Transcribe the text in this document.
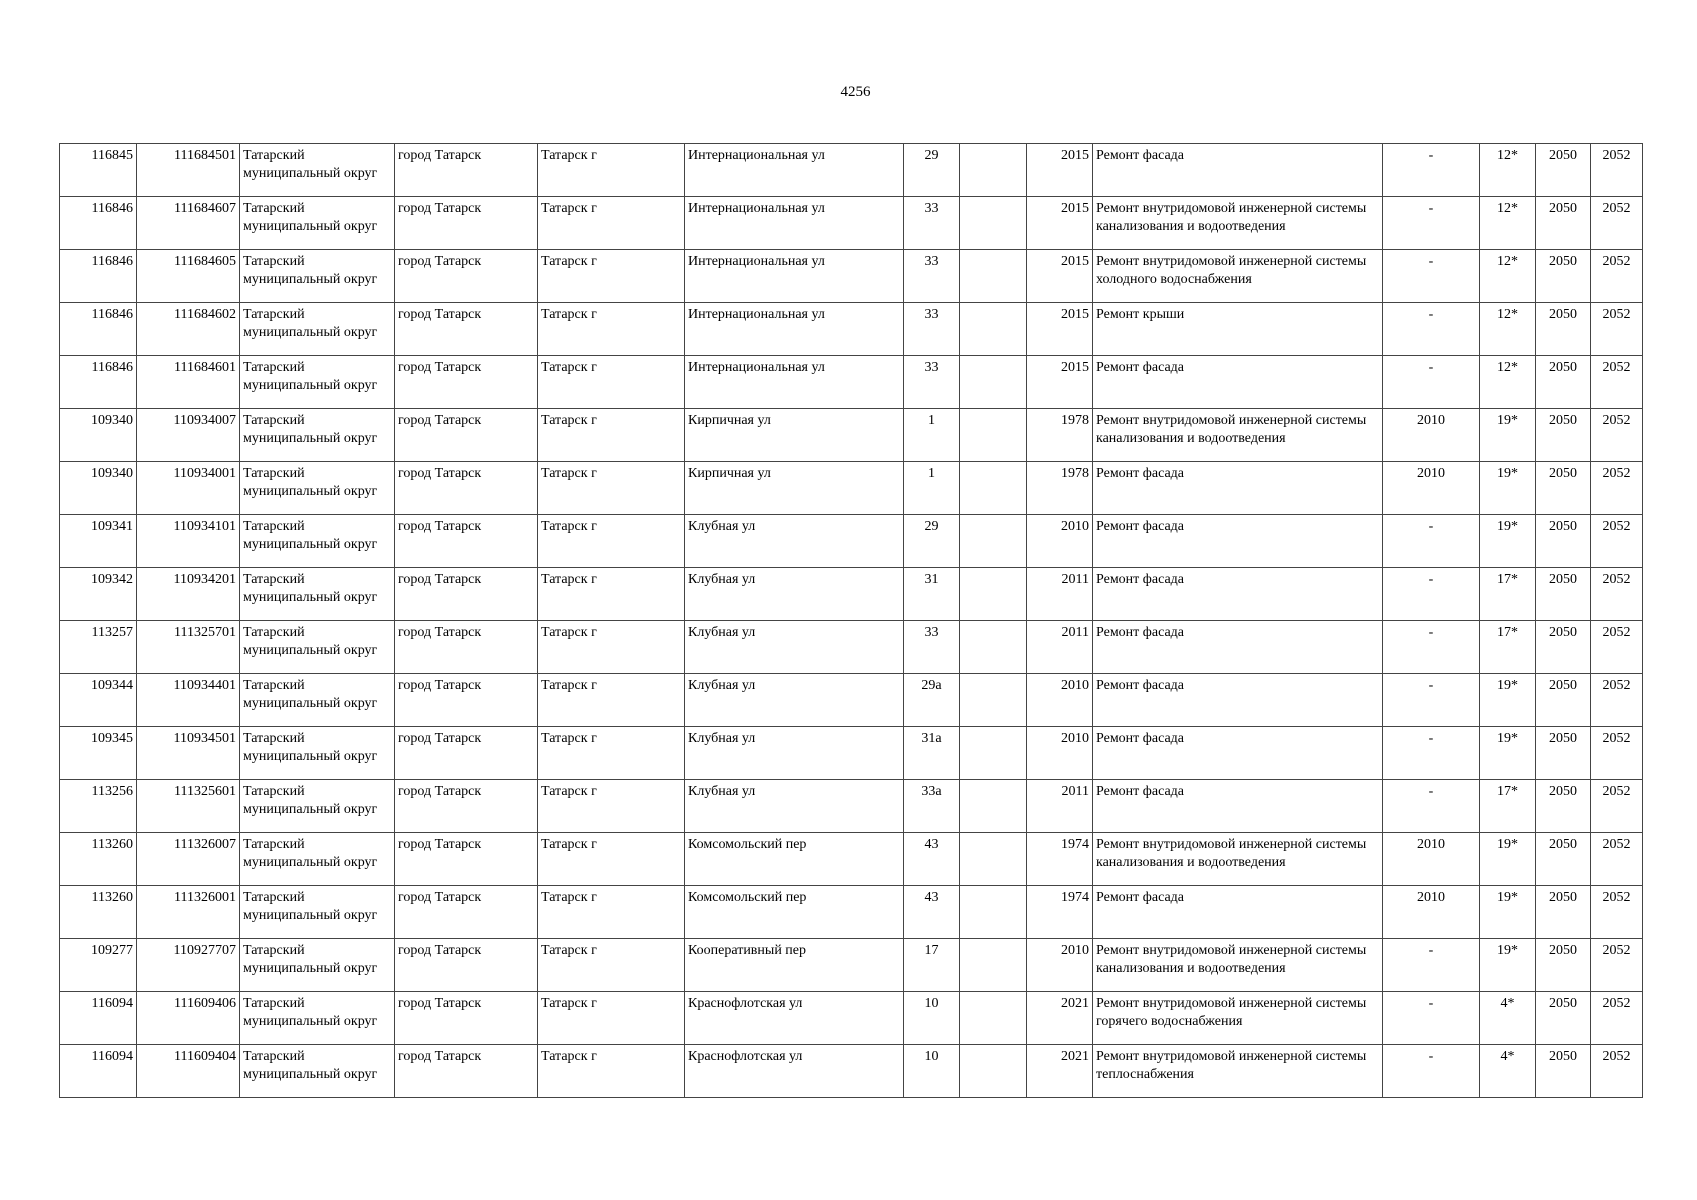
4256
116845	111684501	Татарский муниципальный округ	город Татарск	Татарск г	Интернациональная ул	29		2015	Ремонт фасада	-	12*	2050	2052
116846	111684607	Татарский муниципальный округ	город Татарск	Татарск г	Интернациональная ул	33		2015	Ремонт внутридомовой инженерной системы канализования и водоотведения	-	12*	2050	2052
116846	111684605	Татарский муниципальный округ	город Татарск	Татарск г	Интернациональная ул	33		2015	Ремонт внутридомовой инженерной системы холодного водоснабжения	-	12*	2050	2052
116846	111684602	Татарский муниципальный округ	город Татарск	Татарск г	Интернациональная ул	33		2015	Ремонт крыши	-	12*	2050	2052
116846	111684601	Татарский муниципальный округ	город Татарск	Татарск г	Интернациональная ул	33		2015	Ремонт фасада	-	12*	2050	2052
109340	110934007	Татарский муниципальный округ	город Татарск	Татарск г	Кирпичная ул	1		1978	Ремонт внутридомовой инженерной системы канализования и водоотведения	2010	19*	2050	2052
109340	110934001	Татарский муниципальный округ	город Татарск	Татарск г	Кирпичная ул	1		1978	Ремонт фасада	2010	19*	2050	2052
109341	110934101	Татарский муниципальный округ	город Татарск	Татарск г	Клубная ул	29		2010	Ремонт фасада	-	19*	2050	2052
109342	110934201	Татарский муниципальный округ	город Татарск	Татарск г	Клубная ул	31		2011	Ремонт фасада	-	17*	2050	2052
113257	111325701	Татарский муниципальный округ	город Татарск	Татарск г	Клубная ул	33		2011	Ремонт фасада	-	17*	2050	2052
109344	110934401	Татарский муниципальный округ	город Татарск	Татарск г	Клубная ул	29а		2010	Ремонт фасада	-	19*	2050	2052
109345	110934501	Татарский муниципальный округ	город Татарск	Татарск г	Клубная ул	31а		2010	Ремонт фасада	-	19*	2050	2052
113256	111325601	Татарский муниципальный округ	город Татарск	Татарск г	Клубная ул	33а		2011	Ремонт фасада	-	17*	2050	2052
113260	111326007	Татарский муниципальный округ	город Татарск	Татарск г	Комсомольский пер	43		1974	Ремонт внутридомовой инженерной системы канализования и водоотведения	2010	19*	2050	2052
113260	111326001	Татарский муниципальный округ	город Татарск	Татарск г	Комсомольский пер	43		1974	Ремонт фасада	2010	19*	2050	2052
109277	110927707	Татарский муниципальный округ	город Татарск	Татарск г	Кооперативный пер	17		2010	Ремонт внутридомовой инженерной системы канализования и водоотведения	-	19*	2050	2052
116094	111609406	Татарский муниципальный округ	город Татарск	Татарск г	Краснофлотская ул	10		2021	Ремонт внутридомовой инженерной системы горячего водоснабжения	-	4*	2050	2052
116094	111609404	Татарский муниципальный округ	город Татарск	Татарск г	Краснофлотская ул	10		2021	Ремонт внутридомовой инженерной системы теплоснабжения	-	4*	2050	2052
